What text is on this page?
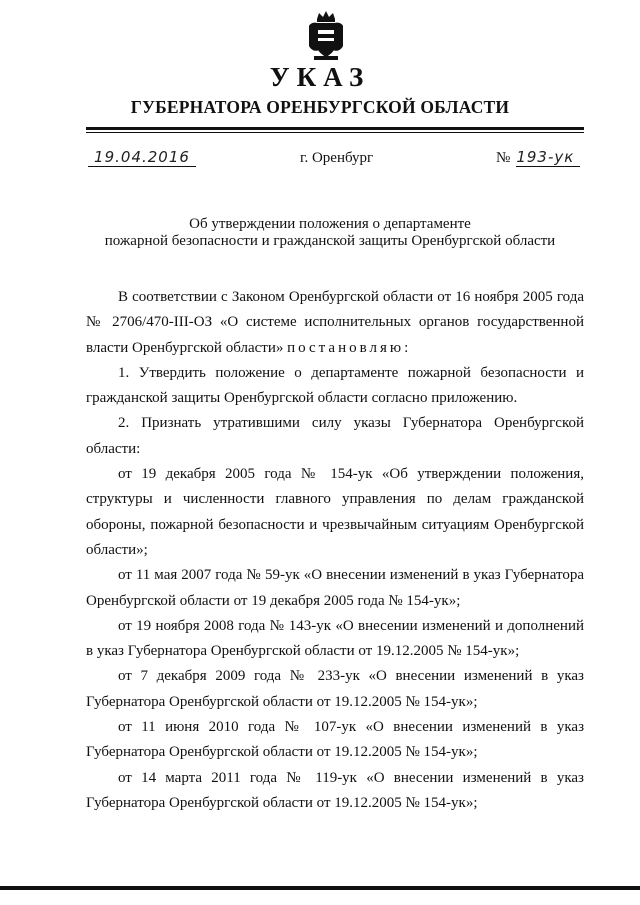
УКАЗ
ГУБЕРНАТОРА ОРЕНБУРГСКОЙ ОБЛАСТИ
19.04.2016	г. Оренбург	№ 193-ук
Об утверждении положения о департаменте
пожарной безопасности и гражданской защиты Оренбургской области

В соответствии с Законом Оренбургской области от 16 ноября 2005 года № 2706/470-III-ОЗ «О системе исполнительных органов государственной власти Оренбургской области» постановляю:

1. Утвердить положение о департаменте пожарной безопасности и гражданской защиты Оренбургской области согласно приложению.

2. Признать утратившими силу указы Губернатора Оренбургской области:

от 19 декабря 2005 года № 154-ук «Об утверждении положения, структуры и численности главного управления по делам гражданской обороны, пожарной безопасности и чрезвычайным ситуациям Оренбургской области»;

от 11 мая 2007 года № 59-ук «О внесении изменений в указ Губернатора Оренбургской области от 19 декабря 2005 года № 154-ук»;

от 19 ноября 2008 года № 143-ук «О внесении изменений и дополнений в указ Губернатора Оренбургской области от 19.12.2005 № 154-ук»;

от 7 декабря 2009 года № 233-ук «О внесении изменений в указ Губернатора Оренбургской области от 19.12.2005 № 154-ук»;

от 11 июня 2010 года № 107-ук «О внесении изменений в указ Губернатора Оренбургской области от 19.12.2005 № 154-ук»;

от 14 марта 2011 года № 119-ук «О внесении изменений в указ Губернатора Оренбургской области от 19.12.2005 № 154-ук»;
